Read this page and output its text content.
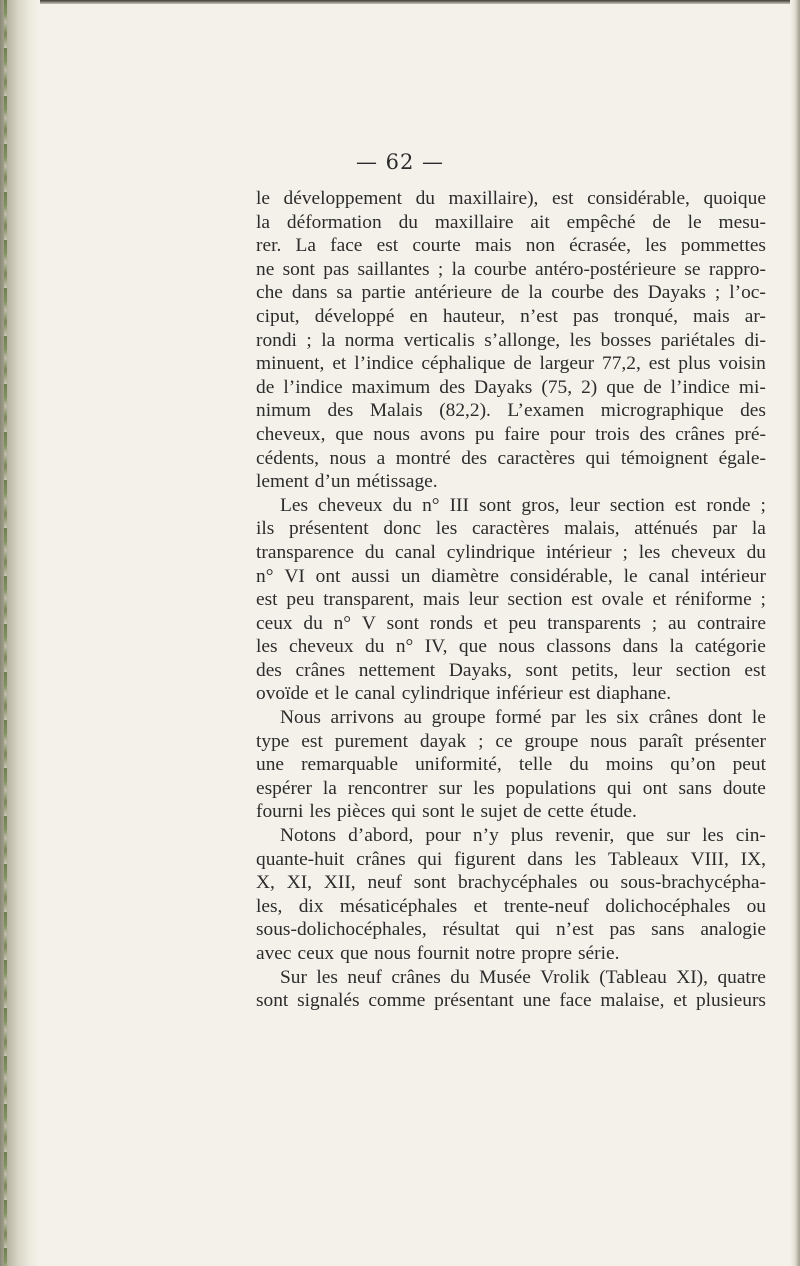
— 62 —
le développement du maxillaire), est considérable, quoique
la déformation du maxillaire ait empêché de le mesu-
rer. La face est courte mais non écrasée, les pommettes
ne sont pas saillantes ; la courbe antéro-postérieure se rappro-
che dans sa partie antérieure de la courbe des Dayaks ; l’oc-
ciput, développé en hauteur, n’est pas tronqué, mais ar-
rondi ; la norma verticalis s’allonge, les bosses pariétales di-
minuent, et l’indice céphalique de largeur 77,2, est plus voisin
de l’indice maximum des Dayaks (75, 2) que de l’indice mi-
nimum des Malais (82,2). L’examen micrographique des
cheveux, que nous avons pu faire pour trois des crânes pré-
cédents, nous a montré des caractères qui témoignent égale-
lement d’un métissage.
Les cheveux du n° III sont gros, leur section est ronde ;
ils présentent donc les caractères malais, atténués par la
transparence du canal cylindrique intérieur ; les cheveux du
n° VI ont aussi un diamètre considérable, le canal intérieur
est peu transparent, mais leur section est ovale et réniforme ;
ceux du n° V sont ronds et peu transparents ; au contraire
les cheveux du n° IV, que nous classons dans la catégorie
des crânes nettement Dayaks, sont petits, leur section est
ovoïde et le canal cylindrique inférieur est diaphane.
Nous arrivons au groupe formé par les six crânes dont le
type est purement dayak ; ce groupe nous paraît présenter
une remarquable uniformité, telle du moins qu’on peut
espérer la rencontrer sur les populations qui ont sans doute
fourni les pièces qui sont le sujet de cette étude.
Notons d’abord, pour n’y plus revenir, que sur les cin-
quante-huit crânes qui figurent dans les Tableaux VIII, IX,
X, XI, XII, neuf sont brachycéphales ou sous-brachycépha-
les, dix mésaticéphales et trente-neuf dolichocéphales ou
sous-dolichocéphales, résultat qui n’est pas sans analogie
avec ceux que nous fournit notre propre série.
Sur les neuf crânes du Musée Vrolik (Tableau XI), quatre
sont signalés comme présentant une face malaise, et plusieurs
